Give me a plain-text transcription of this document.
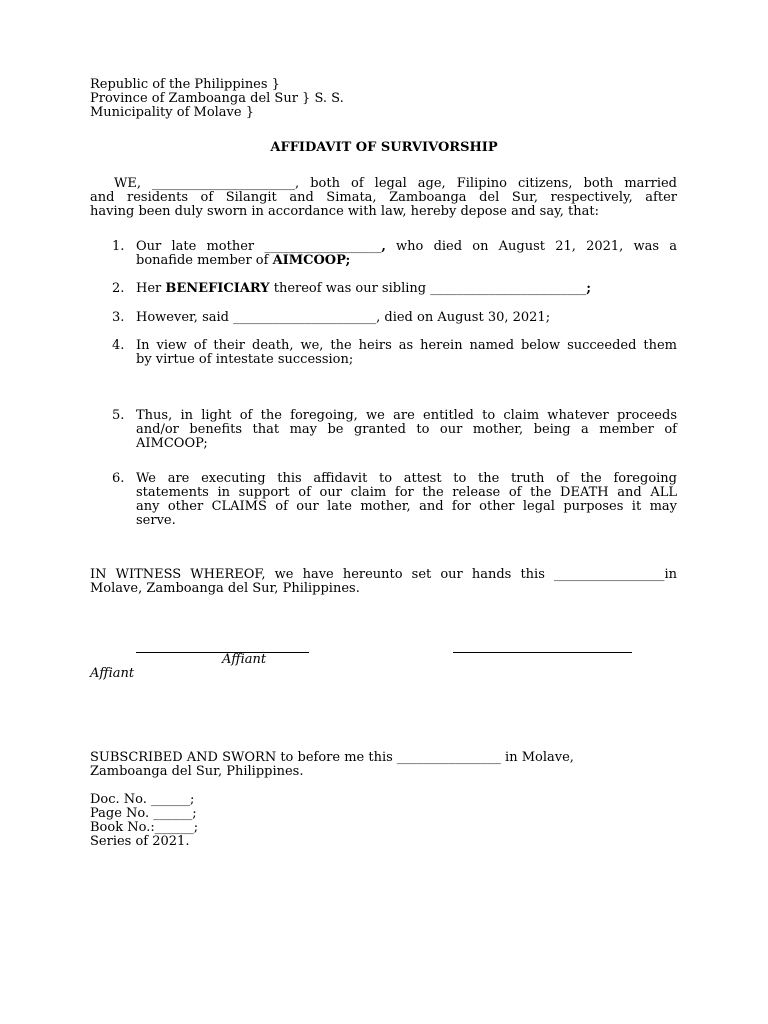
Republic of the Philippines }
Province of Zamboanga del Sur } S. S.
Municipality of Molave }
AFFIDAVIT OF SURVIVORSHIP
WE, ______________________, both of legal age, Filipino citizens, both married
and residents of Silangit and Simata, Zamboanga del Sur, respectively, after
having been duly sworn in accordance with law, hereby depose and say, that:
1. Our late mother __________________, who died on August 21, 2021, was a
bonafide member of AIMCOOP;
2. Her BENEFICIARY thereof was our sibling ________________________;
3. However, said ______________________, died on August 30, 2021;
4. In view of their death, we, the heirs as herein named below succeeded them
by virtue of intestate succession;
5. Thus, in light of the foregoing, we are entitled to claim whatever proceeds
and/or benefits that may be granted to our mother, being a member of
AIMCOOP;
6. We are executing this affidavit to attest to the truth of the foregoing
statements in support of our claim for the release of the DEATH and ALL
any other CLAIMS of our late mother, and for other legal purposes it may
serve.
IN WITNESS WHEREOF, we have hereunto set our hands this _________________in
Molave, Zamboanga del Sur, Philippines.
Affiant
Affiant
SUBSCRIBED AND SWORN to before me this ________________ in Molave,
Zamboanga del Sur, Philippines.
Doc. No. ______;
Page No. ______;
Book No.:______;
Series of 2021.
